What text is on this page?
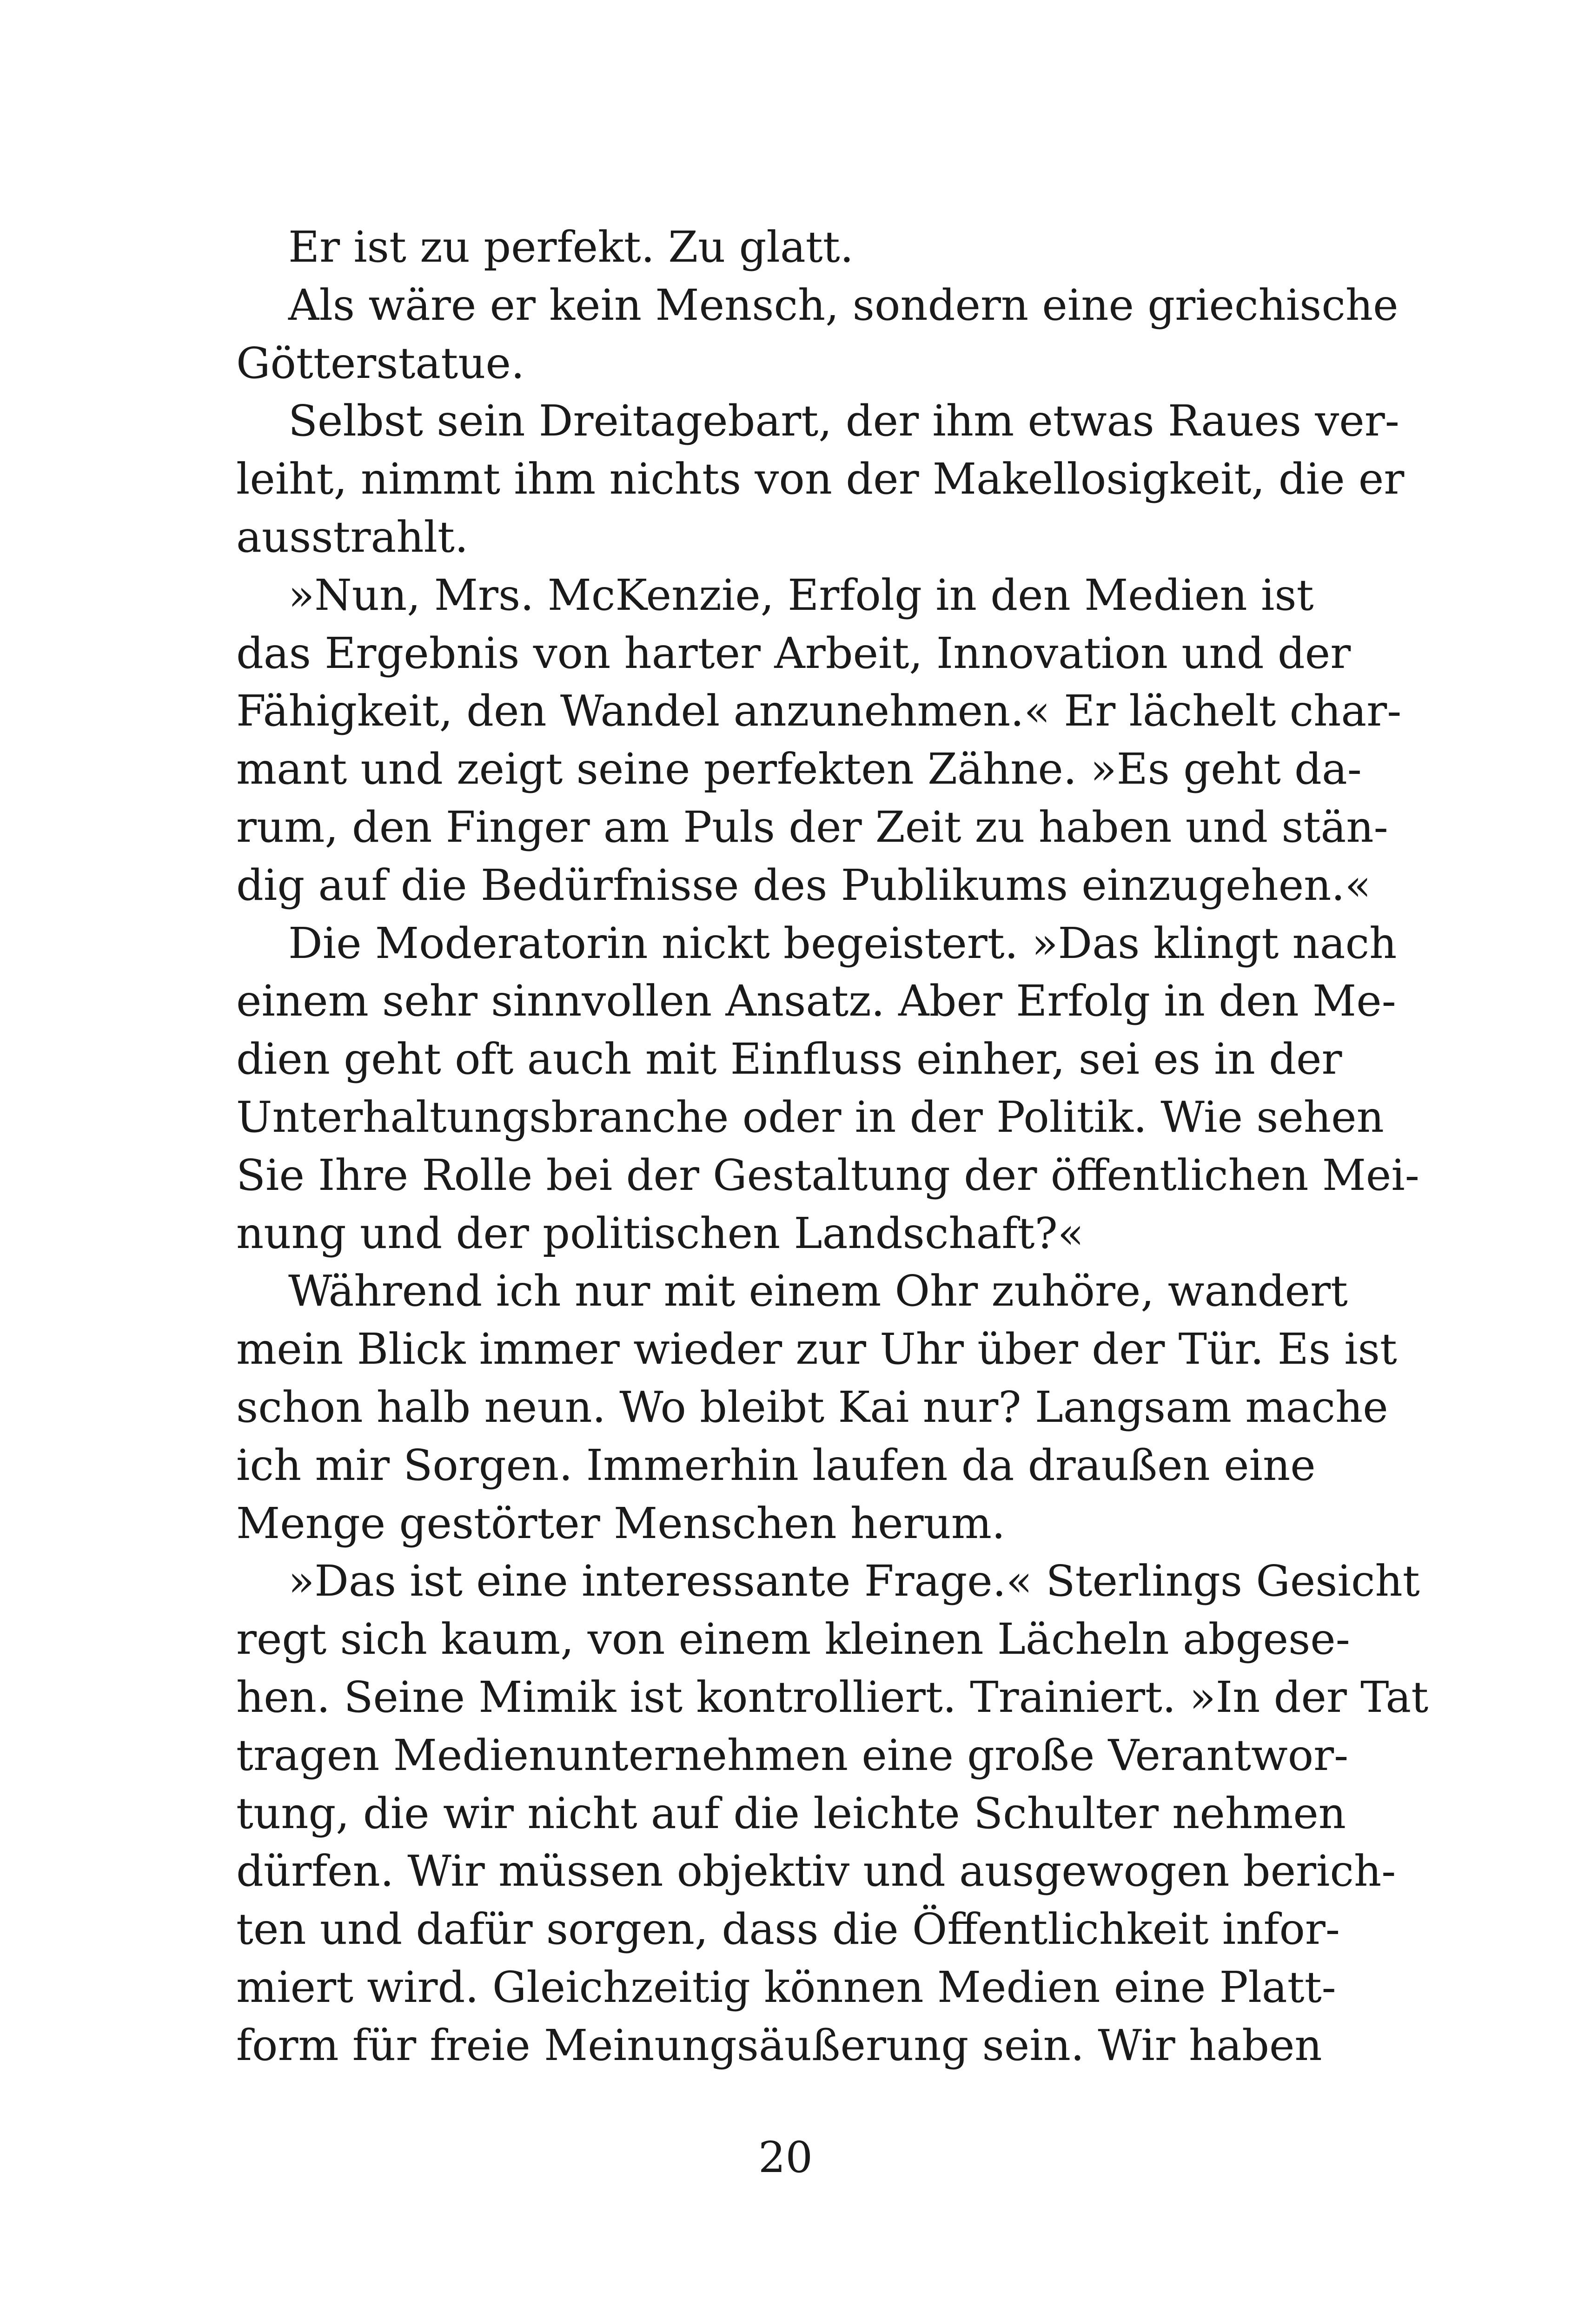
Er ist zu perfekt. Zu glatt.
Als wäre er kein Mensch, sondern eine griechische
Götterstatue.
Selbst sein Dreitagebart, der ihm etwas Raues ver-
leiht, nimmt ihm nichts von der Makellosigkeit, die er
ausstrahlt.
»Nun, Mrs. McKenzie, Erfolg in den Medien ist
das Ergebnis von harter Arbeit, Innovation und der
Fähigkeit, den Wandel anzunehmen.« Er lächelt char-
mant und zeigt seine perfekten Zähne. »Es geht da-
rum, den Finger am Puls der Zeit zu haben und stän-
dig auf die Bedürfnisse des Publikums einzugehen.«
Die Moderatorin nickt begeistert. »Das klingt nach
einem sehr sinnvollen Ansatz. Aber Erfolg in den Me-
dien geht oft auch mit Einfluss einher, sei es in der
Unterhaltungsbranche oder in der Politik. Wie sehen
Sie Ihre Rolle bei der Gestaltung der öffentlichen Mei-
nung und der politischen Landschaft?«
Während ich nur mit einem Ohr zuhöre, wandert
mein Blick immer wieder zur Uhr über der Tür. Es ist
schon halb neun. Wo bleibt Kai nur? Langsam mache
ich mir Sorgen. Immerhin laufen da draußen eine
Menge gestörter Menschen herum.
»Das ist eine interessante Frage.« Sterlings Gesicht
regt sich kaum, von einem kleinen Lächeln abgese-
hen. Seine Mimik ist kontrolliert. Trainiert. »In der Tat
tragen Medienunternehmen eine große Verantwor-
tung, die wir nicht auf die leichte Schulter nehmen
dürfen. Wir müssen objektiv und ausgewogen berich-
ten und dafür sorgen, dass die Öffentlichkeit infor-
miert wird. Gleichzeitig können Medien eine Platt-
form für freie Meinungsäußerung sein. Wir haben
20
